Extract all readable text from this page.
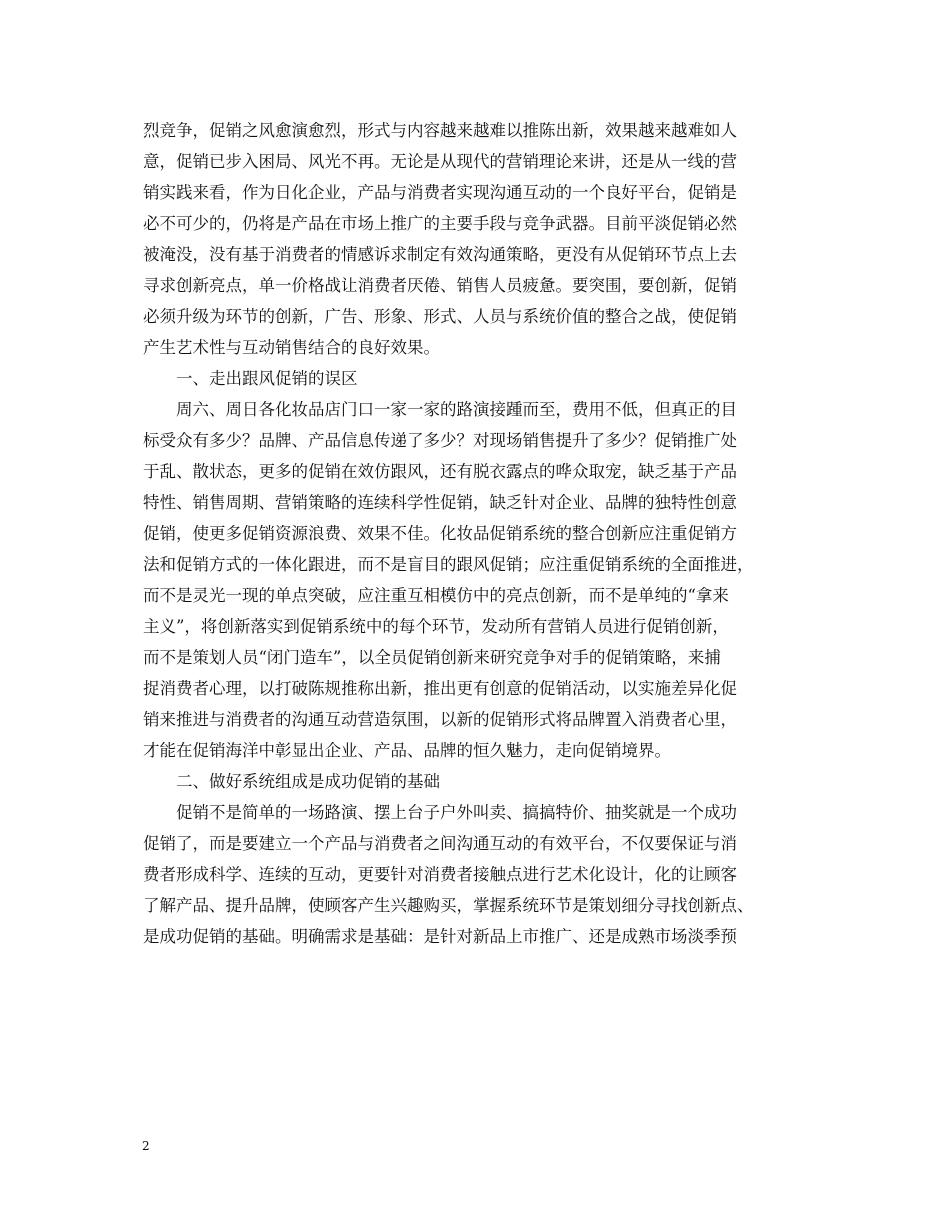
烈竞争，促销之风愈演愈烈，形式与内容越来越难以推陈出新，效果越来越难如人

意，促销已步入困局、风光不再。无论是从现代的营销理论来讲，还是从一线的营

销实践来看，作为日化企业，产品与消费者实现沟通互动的一个良好平台，促销是

必不可少的，仍将是产品在市场上推广的主要手段与竞争武器。目前平淡促销必然

被淹没，没有基于消费者的情感诉求制定有效沟通策略，更没有从促销环节点上去

寻求创新亮点，单一价格战让消费者厌倦、销售人员疲惫。要突围，要创新，促销

必须升级为环节的创新，广告、形象、形式、人员与系统价值的整合之战，使促销

产生艺术性与互动销售结合的良好效果。

一、走出跟风促销的误区

周六、周日各化妆品店门口一家一家的路演接踵而至，费用不低，但真正的目

标受众有多少？品牌、产品信息传递了多少？对现场销售提升了多少？促销推广处

于乱、散状态，更多的促销在效仿跟风，还有脱衣露点的哗众取宠，缺乏基于产品

特性、销售周期、营销策略的连续科学性促销，缺乏针对企业、品牌的独特性创意

促销，使更多促销资源浪费、效果不佳。化妆品促销系统的整合创新应注重促销方

法和促销方式的一体化跟进，而不是盲目的跟风促销；应注重促销系统的全面推进，

而不是灵光一现的单点突破，应注重互相模仿中的亮点创新，而不是单纯的“拿来

主义”，将创新落实到促销系统中的每个环节，发动所有营销人员进行促销创新，

而不是策划人员“闭门造车”，以全员促销创新来研究竞争对手的促销策略，来捕

捉消费者心理，以打破陈规推称出新，推出更有创意的促销活动，以实施差异化促

销来推进与消费者的沟通互动营造氛围，以新的促销形式将品牌置入消费者心里，

才能在促销海洋中彰显出企业、产品、品牌的恒久魅力，走向促销境界。

二、做好系统组成是成功促销的基础

促销不是简单的一场路演、摆上台子户外叫卖、搞搞特价、抽奖就是一个成功

促销了，而是要建立一个产品与消费者之间沟通互动的有效平台，不仅要保证与消

费者形成科学、连续的互动，更要针对消费者接触点进行艺术化设计，化的让顾客

了解产品、提升品牌，使顾客产生兴趣购买，掌握系统环节是策划细分寻找创新点、

是成功促销的基础。明确需求是基础：是针对新品上市推广、还是成熟市场淡季预

2
